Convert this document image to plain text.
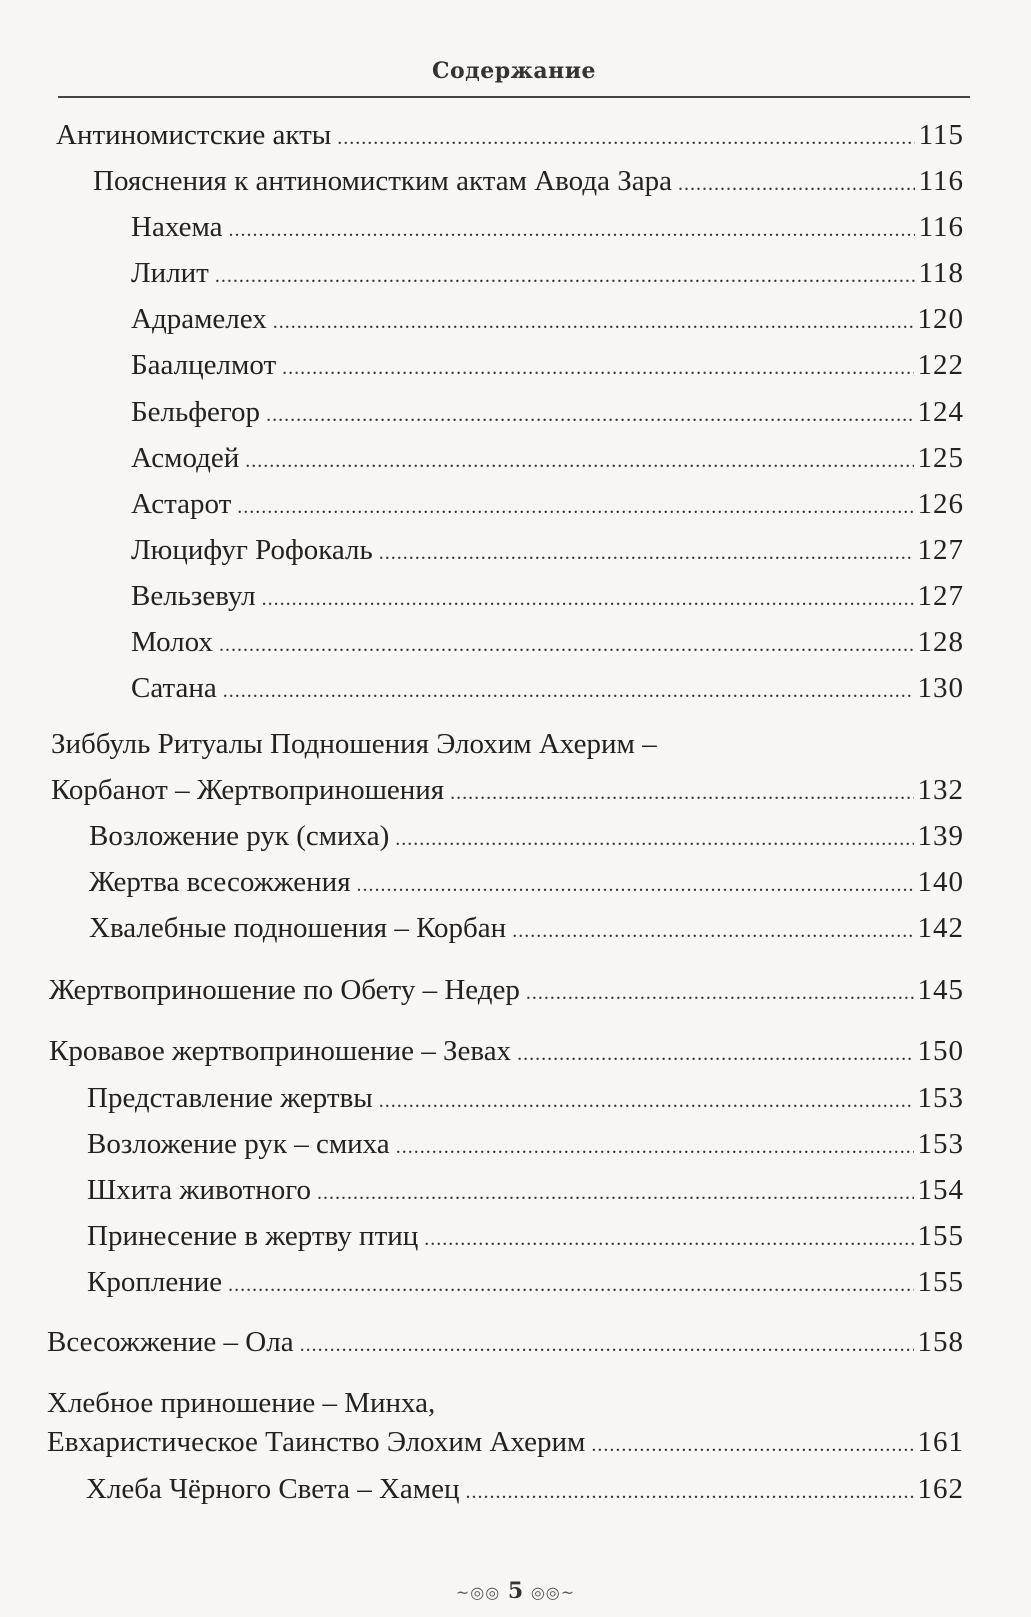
Содержание
Антиномистские акты .....	115
Пояснения к антиномистким актам Авода Зара .....	116
Нахема .....	116
Лилит .....	118
Адрамелех .....	120
Баалцелмот .....	122
Бельфегор .....	124
Асмодей .....	125
Астарот .....	126
Люцифуг Рофокаль .....	127
Вельзевул .....	127
Молох .....	128
Сатана .....	130
Зиббуль Ритуалы Подношения Элохим Ахерим –
Корбанот – Жертвоприношения .....	132
Возложение рук (смиха) .....	139
Жертва всесожжения .....	140
Хвалебные подношения – Корбан .....	142
Жертвоприношение по Обету – Недер .....	145
Кровавое жертвоприношение – Зевах .....	150
Представление жертвы .....	153
Возложение рук – смиха .....	153
Шхита животного .....	154
Принесение в жертву птиц .....	155
Кропление .....	155
Всесожжение – Ола .....	158
Хлебное приношение – Минха,
Евхаристическое Таинство Элохим Ахерим .....	161
Хлеба Чёрного Света – Хамец .....	162
~◎◎ 5 ◎◎~
